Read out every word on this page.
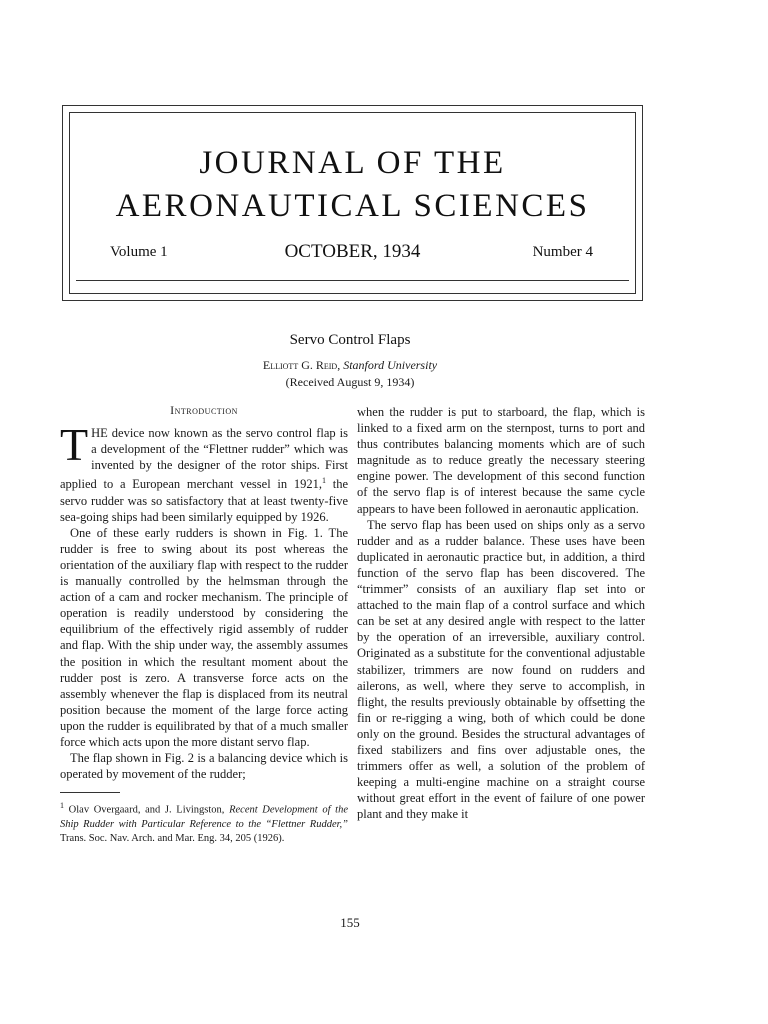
JOURNAL OF THE
AERONAUTICAL SCIENCES
Volume 1	OCTOBER, 1934	Number 4
Servo Control Flaps
Elliott G. Reid, Stanford University
(Received August 9, 1934)
Introduction

THE device now known as the servo control flap is a development of the “Flettner rudder” which was invented by the designer of the rotor ships. First applied to a European merchant vessel in 1921,$^1$ the servo rudder was so satisfactory that at least twenty-five sea-going ships had been similarly equipped by 1926.

One of these early rudders is shown in Fig. 1. The rudder is free to swing about its post whereas the orientation of the auxiliary flap with respect to the rudder is manually controlled by the helmsman through the action of a cam and rocker mechanism. The principle of operation is readily understood by considering the equilibrium of the effectively rigid assembly of rudder and flap. With the ship under way, the assembly assumes the position in which the resultant moment about the rudder post is zero. A transverse force acts on the assembly whenever the flap is displaced from its neutral position because the moment of the large force acting upon the rudder is equilibrated by that of a much smaller force which acts upon the more distant servo flap.

The flap shown in Fig. 2 is a balancing device which is operated by movement of the rudder;

$^1$ Olav Overgaard, and J. Livingston, Recent Development of the Ship Rudder with Particular Reference to the “Flettner Rudder,” Trans. Soc. Nav. Arch. and Mar. Eng. 34, 205 (1926).

when the rudder is put to starboard, the flap, which is linked to a fixed arm on the sternpost, turns to port and thus contributes balancing moments which are of such magnitude as to reduce greatly the necessary steering engine power. The development of this second function of the servo flap is of interest because the same cycle appears to have been followed in aeronautic application.

The servo flap has been used on ships only as a servo rudder and as a rudder balance. These uses have been duplicated in aeronautic practice but, in addition, a third function of the servo flap has been discovered. The “trimmer” consists of an auxiliary flap set into or attached to the main flap of a control surface and which can be set at any desired angle with respect to the latter by the operation of an irreversible, auxiliary control. Originated as a substitute for the conventional adjustable stabilizer, trimmers are now found on rudders and ailerons, as well, where they serve to accomplish, in flight, the results previously obtainable by offsetting the fin or re-rigging a wing, both of which could be done only on the ground. Besides the structural advantages of fixed stabilizers and fins over adjustable ones, the trimmers offer as well, a solution of the problem of keeping a multi-engine machine on a straight course without great effort in the event of failure of one power plant and they make it

155
